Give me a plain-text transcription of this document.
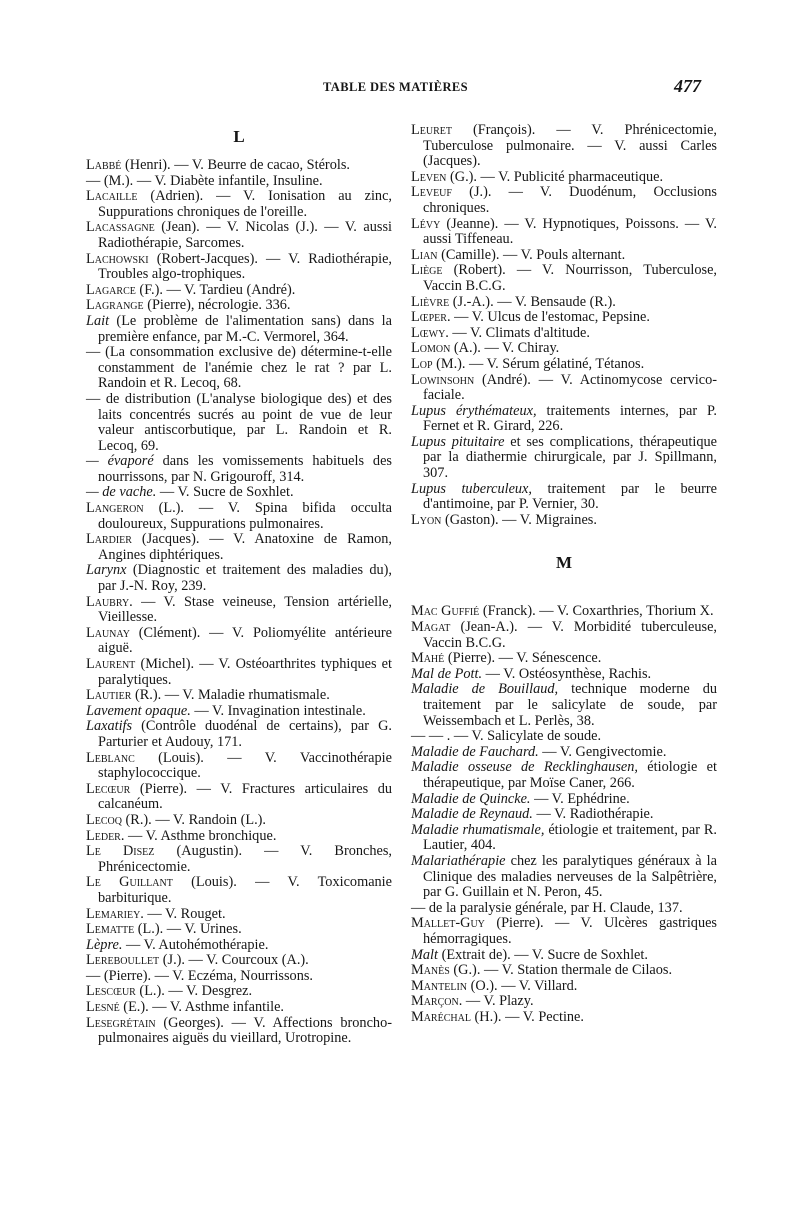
TABLE DES MATIÈRES	477
L

Labbé (Henri). — V. Beurre de cacao, Stérols.

— (M.). — V. Diabète infantile, Insuline.

Lacaille (Adrien). — V. Ionisation au zinc, Suppurations chroniques de l'oreille.

Lacassagne (Jean). — V. Nicolas (J.). — V. aussi Radiothérapie, Sarcomes.

Lachowski (Robert-Jacques). — V. Radiothérapie, Troubles algo-trophiques.

Lagarce (F.). — V. Tardieu (André).

Lagrange (Pierre), nécrologie. 336.

Lait (Le problème de l'alimentation sans) dans la première enfance, par M.-C. Vermorel, 364.

— (La consommation exclusive de) détermine-t-elle constamment de l'anémie chez le rat ? par L. Randoin et R. Lecoq, 68.

— de distribution (L'analyse biologique des) et des laits concentrés sucrés au point de vue de leur valeur antiscorbutique, par L. Randoin et R. Lecoq, 69.

— évaporé dans les vomissements habituels des nourrissons, par N. Grigouroff, 314.

— de vache. — V. Sucre de Soxhlet.

Langeron (L.). — V. Spina bifida occulta douloureux, Suppurations pulmonaires.

Lardier (Jacques). — V. Anatoxine de Ramon, Angines diphtériques.

Larynx (Diagnostic et traitement des maladies du), par J.-N. Roy, 239.

Laubry. — V. Stase veineuse, Tension artérielle, Vieillesse.

Launay (Clément). — V. Poliomyélite antérieure aiguë.

Laurent (Michel). — V. Ostéoarthrites typhiques et paralytiques.

Lautier (R.). — V. Maladie rhumatismale.

Lavement opaque. — V. Invagination intestinale.

Laxatifs (Contrôle duodénal de certains), par G. Parturier et Audouy, 171.

Leblanc (Louis). — V. Vaccinothérapie staphylococcique.

Lecœur (Pierre). — V. Fractures articulaires du calcanéum.

Lecoq (R.). — V. Randoin (L.).

Leder. — V. Asthme bronchique.

Le Disez (Augustin). — V. Bronches, Phrénicectomie.

Le Guillant (Louis). — V. Toxicomanie barbiturique.

Lemariey. — V. Rouget.

Lematte (L.). — V. Urines.

Lèpre. — V. Autohémothérapie.

Lereboullet (J.). — V. Courcoux (A.).

— (Pierre). — V. Eczéma, Nourrissons.

Lescœur (L.). — V. Desgrez.

Lesné (E.). — V. Asthme infantile.

Lesegrétain (Georges). — V. Affections broncho-pulmonaires aiguës du vieillard, Urotropine.

Leuret (François). — V. Phrénicectomie, Tuberculose pulmonaire. — V. aussi Carles (Jacques).

Leven (G.). — V. Publicité pharmaceutique.

Leveuf (J.). — V. Duodénum, Occlusions chroniques.

Lévy (Jeanne). — V. Hypnotiques, Poissons. — V. aussi Tiffeneau.

Lian (Camille). — V. Pouls alternant.

Liège (Robert). — V. Nourrisson, Tuberculose, Vaccin B.C.G.

Lièvre (J.-A.). — V. Bensaude (R.).

Lœper. — V. Ulcus de l'estomac, Pepsine.

Lœwy. — V. Climats d'altitude.

Lomon (A.). — V. Chiray.

Lop (M.). — V. Sérum gélatiné, Tétanos.

Lowinsohn (André). — V. Actinomycose cervico-faciale.

Lupus érythémateux, traitements internes, par P. Fernet et R. Girard, 226.

Lupus pituitaire et ses complications, thérapeutique par la diathermie chirurgicale, par J. Spillmann, 307.

Lupus tuberculeux, traitement par le beurre d'antimoine, par P. Vernier, 30.

Lyon (Gaston). — V. Migraines.

M

Mac Guffié (Franck). — V. Coxarthries, Thorium X.

Magat (Jean-A.). — V. Morbidité tuberculeuse, Vaccin B.C.G.

Mahé (Pierre). — V. Sénescence.

Mal de Pott. — V. Ostéosynthèse, Rachis.

Maladie de Bouillaud, technique moderne du traitement par le salicylate de soude, par Weissembach et L. Perlès, 38.

— — . — V. Salicylate de soude.

Maladie de Fauchard. — V. Gengivectomie.

Maladie osseuse de Recklinghausen, étiologie et thérapeutique, par Moïse Caner, 266.

Maladie de Quincke. — V. Ephédrine.

Maladie de Reynaud. — V. Radiothérapie.

Maladie rhumatismale, étiologie et traitement, par R. Lautier, 404.

Malariathérapie chez les paralytiques généraux à la Clinique des maladies nerveuses de la Salpêtrière, par G. Guillain et N. Peron, 45.

— de la paralysie générale, par H. Claude, 137.

Mallet-Guy (Pierre). — V. Ulcères gastriques hémorragiques.

Malt (Extrait de). — V. Sucre de Soxhlet.

Manès (G.). — V. Station thermale de Cilaos.

Mantelin (O.). — V. Villard.

Marçon. — V. Plazy.

Maréchal (H.). — V. Pectine.
